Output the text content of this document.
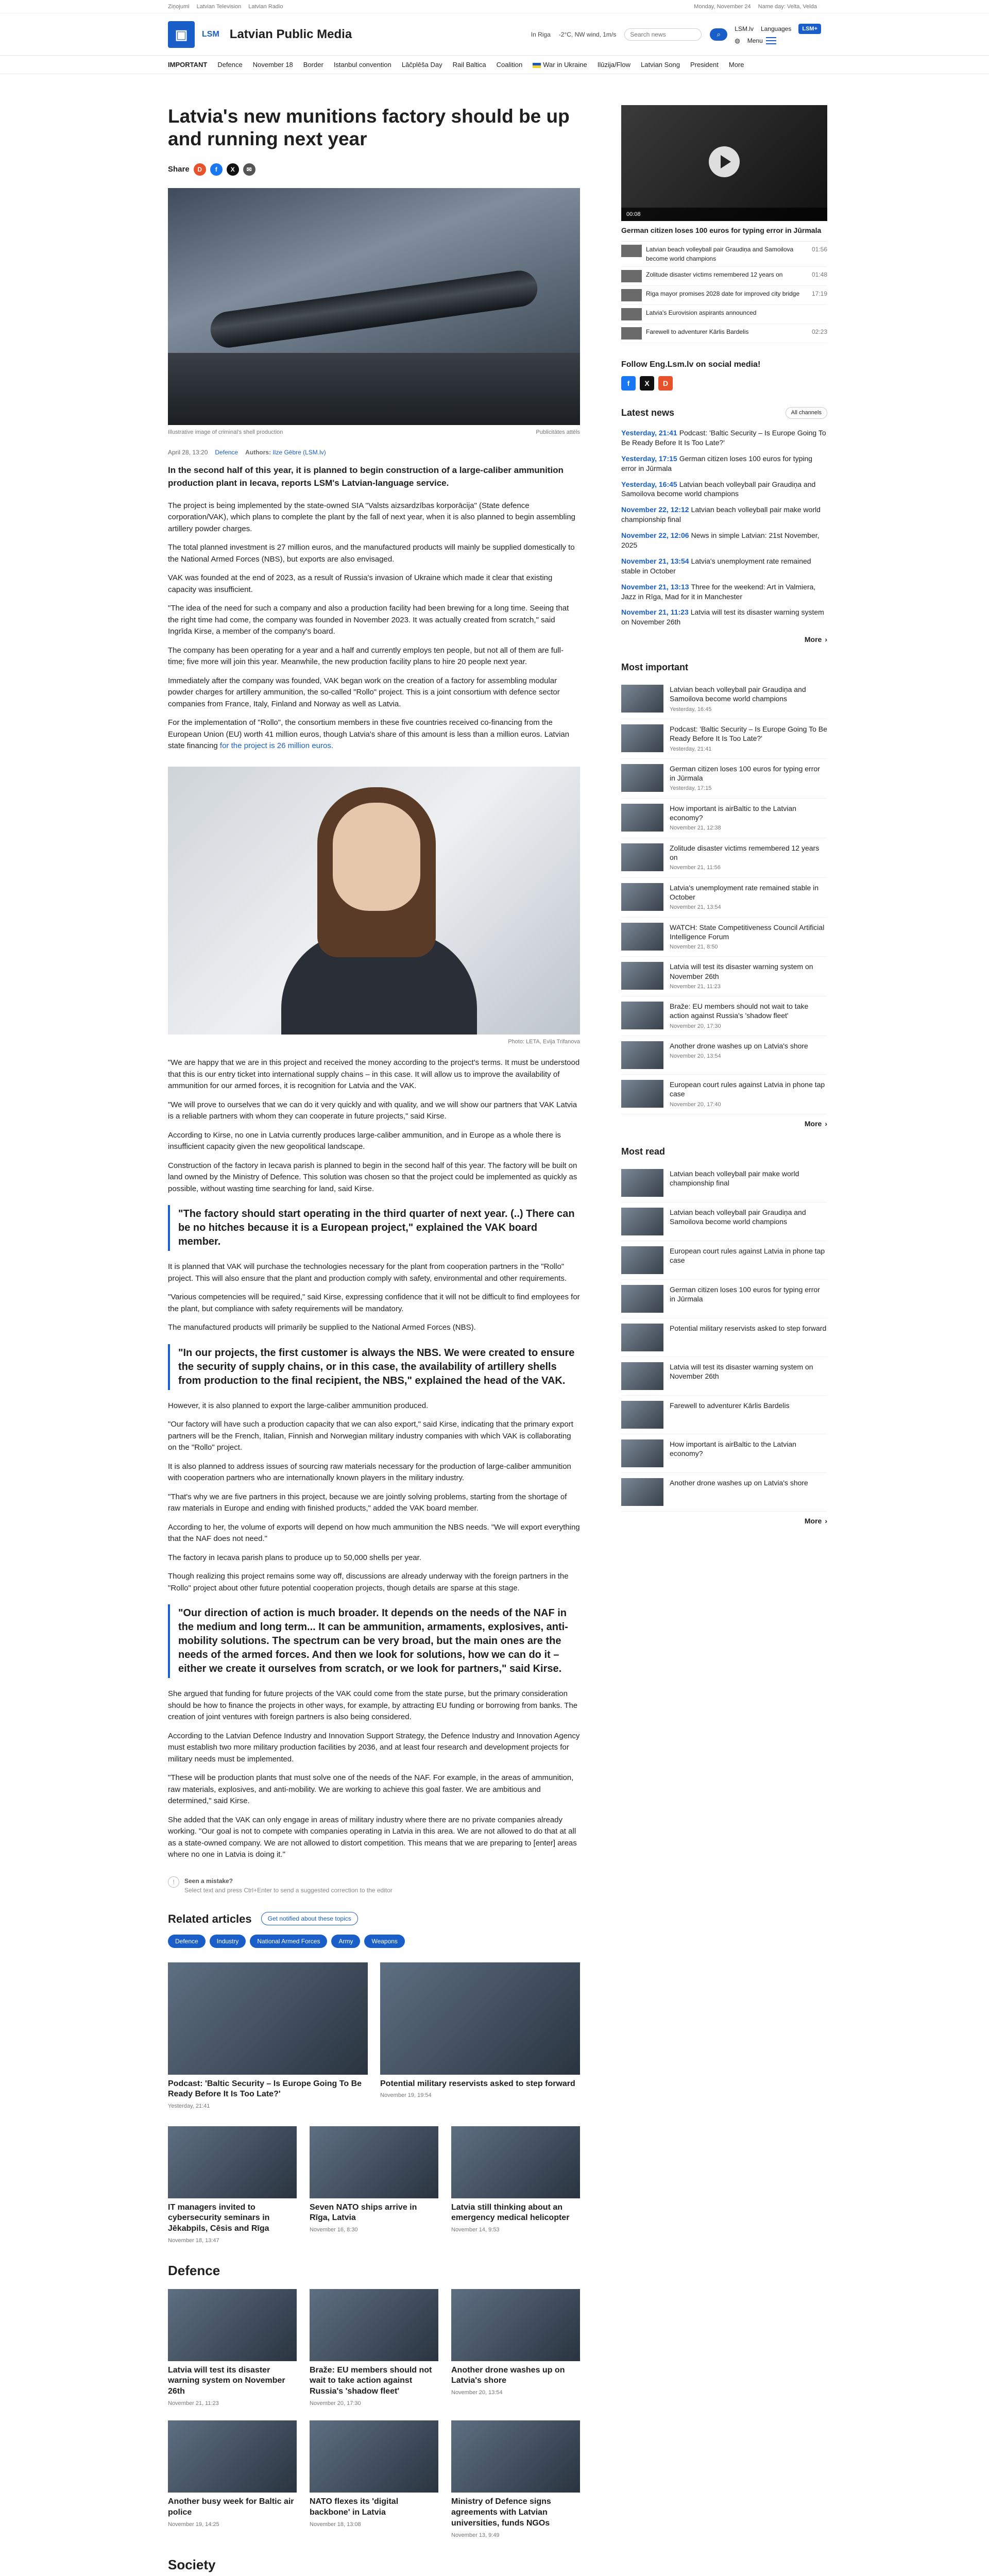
Ziņojumi Latvian Television Latvian Radio	Monday, November 24 Name day: Velta, Velda
▣	LSM Latvian Public Media	In Riga -2°C, NW wind, 1m/s
Search news	⌕
LSM.lv Languages	LSM+
◍ Menu
IMPORTANT Defence November 18 Border Istanbul convention Lāčplēša Day Rail Baltica Coalition	War in Ukraine Ilūzija/Flow Latvian Song President More
Latvia's new munitions factory should be up and running next year
Share	D	f	X	✉
Illustrative image of criminal's shell production	Publicitātes attēls
April 28, 13:20 Defence Authors: Ilze Gēbre (LSM.lv)

In the second half of this year, it is planned to begin construction of a large-caliber ammunition production plant in Iecava, reports LSM's Latvian-language service.

The project is being implemented by the state-owned SIA "Valsts aizsardzības korporācija" (State defence corporation/VAK), which plans to complete the plant by the fall of next year, when it is also planned to begin assembling artillery powder charges.

The total planned investment is 27 million euros, and the manufactured products will mainly be supplied domestically to the National Armed Forces (NBS), but exports are also envisaged.

VAK was founded at the end of 2023, as a result of Russia's invasion of Ukraine which made it clear that existing capacity was insufficient.

"The idea of the need for such a company and also a production facility had been brewing for a long time. Seeing that the right time had come, the company was founded in November 2023. It was actually created from scratch," said Ingrīda Kirse, a member of the company's board.

The company has been operating for a year and a half and currently employs ten people, but not all of them are full-time; five more will join this year. Meanwhile, the new production facility plans to hire 20 people next year.

Immediately after the company was founded, VAK began work on the creation of a factory for assembling modular powder charges for artillery ammunition, the so-called "Rollo" project. This is a joint consortium with defence sector companies from France, Italy, Finland and Norway as well as Latvia.

For the implementation of "Rollo", the consortium members in these five countries received co-financing from the European Union (EU) worth 41 million euros, though Latvia's share of this amount is less than a million euros. Latvian state financing for the project is 26 million euros.

Photo: LETA, Evija Trifanova

"We are happy that we are in this project and received the money according to the project's terms. It must be understood that this is our entry ticket into international supply chains – in this case. It will allow us to improve the availability of ammunition for our armed forces, it is recognition for Latvia and the VAK.

"We will prove to ourselves that we can do it very quickly and with quality, and we will show our partners that VAK Latvia is a reliable partners with whom they can cooperate in future projects," said Kirse.

According to Kirse, no one in Latvia currently produces large-caliber ammunition, and in Europe as a whole there is insufficient capacity given the new geopolitical landscape.

Construction of the factory in Iecava parish is planned to begin in the second half of this year. The factory will be built on land owned by the Ministry of Defence. This solution was chosen so that the project could be implemented as quickly as possible, without wasting time searching for land, said Kirse.

"The factory should start operating in the third quarter of next year. (..) There can be no hitches because it is a European project," explained the VAK board member.

It is planned that VAK will purchase the technologies necessary for the plant from cooperation partners in the "Rollo" project. This will also ensure that the plant and production comply with safety, environmental and other requirements.

"Various competencies will be required," said Kirse, expressing confidence that it will not be difficult to find employees for the plant, but compliance with safety requirements will be mandatory.

The manufactured products will primarily be supplied to the National Armed Forces (NBS).

"In our projects, the first customer is always the NBS. We were created to ensure the security of supply chains, or in this case, the availability of artillery shells from production to the final recipient, the NBS," explained the head of the VAK.

However, it is also planned to export the large-caliber ammunition produced.

"Our factory will have such a production capacity that we can also export," said Kirse, indicating that the primary export partners will be the French, Italian, Finnish and Norwegian military industry companies with which VAK is collaborating on the "Rollo" project.

It is also planned to address issues of sourcing raw materials necessary for the production of large-caliber ammunition with cooperation partners who are internationally known players in the military industry.

"That's why we are five partners in this project, because we are jointly solving problems, starting from the shortage of raw materials in Europe and ending with finished products," added the VAK board member.

According to her, the volume of exports will depend on how much ammunition the NBS needs. "We will export everything that the NAF does not need."

The factory in Iecava parish plans to produce up to 50,000 shells per year.

Though realizing this project remains some way off, discussions are already underway with the foreign partners in the "Rollo" project about other future potential cooperation projects, though details are sparse at this stage.

"Our direction of action is much broader. It depends on the needs of the NAF in the medium and long term... It can be ammunition, armaments, explosives, anti-mobility solutions. The spectrum can be very broad, but the main ones are the needs of the armed forces. And then we look for solutions, how we can do it – either we create it ourselves from scratch, or we look for partners," said Kirse.

She argued that funding for future projects of the VAK could come from the state purse, but the primary consideration should be how to finance the projects in other ways, for example, by attracting EU funding or borrowing from banks. The creation of joint ventures with foreign partners is also being considered.

According to the Latvian Defence Industry and Innovation Support Strategy, the Defence Industry and Innovation Agency must establish two more military production facilities by 2036, and at least four research and development projects for military needs must be implemented.

"These will be production plants that must solve one of the needs of the NAF. For example, in the areas of ammunition, raw materials, explosives, and anti-mobility. We are working to achieve this goal faster. We are ambitious and determined," said Kirse.

She added that the VAK can only engage in areas of military industry where there are no private companies already working. "Our goal is not to compete with companies operating in Latvia in this area. We are not allowed to do that at all as a state-owned company. We are not allowed to distort competition. This means that we are preparing to [enter] areas where no one in Latvia is doing it."

!	Seen a mistake?
Select text and press Ctrl+Enter to send a suggested correction to the editor
Related articles	Get notified about these topics
Defence	Industry	National Armed Forces	Army	Weapons
Podcast: 'Baltic Security – Is Europe Going To Be Ready Before It Is Too Late?'
Yesterday, 21:41
Potential military reservists asked to step forward
November 19, 19:54
IT managers invited to cybersecurity seminars in Jēkabpils, Cēsis and Rīga
November 18, 13:47
Seven NATO ships arrive in Rīga, Latvia
November 16, 8:30
Latvia still thinking about an emergency medical helicopter
November 14, 9:53
Defence
Latvia will test its disaster warning system on November 26th
November 21, 11:23
Braže: EU members should not wait to take action against Russia's 'shadow fleet'
November 20, 17:30
Another drone washes up on Latvia's shore
November 20, 13:54
Another busy week for Baltic air police
November 19, 14:25
NATO flexes its 'digital backbone' in Latvia
November 18, 13:08
Ministry of Defence signs agreements with Latvian universities, funds NGOs
November 13, 9:49
Society
00:08
German citizen loses 100 euros for typing error in Jūrmala
Latvian beach volleyball pair Graudiņa and Samoilova become world champions
01:56
Zolitude disaster victims remembered 12 years on	01:48
Riga mayor promises 2028 date for improved city bridge	17:19
Latvia's Eurovision aspirants announced
Farewell to adventurer Kārlis Bardelis	02:23
Follow Eng.Lsm.lv on social media!
f	X	D
Latest news	All channels
Yesterday, 21:41 Podcast: 'Baltic Security – Is Europe Going To Be Ready Before It Is Too Late?'
Yesterday, 17:15 German citizen loses 100 euros for typing error in Jūrmala
Yesterday, 16:45 Latvian beach volleyball pair Graudiņa and Samoilova become world champions
November 22, 12:12 Latvian beach volleyball pair make world championship final
November 22, 12:06 News in simple Latvian: 21st November, 2025
November 21, 13:54 Latvia's unemployment rate remained stable in October
November 21, 13:13 Three for the weekend: Art in Valmiera, Jazz in Rīga, Mad for it in Manchester
November 21, 11:23 Latvia will test its disaster warning system on November 26th
More ›
Most important
Latvian beach volleyball pair Graudiņa and Samoilova become world champions
Yesterday, 16:45
Podcast: 'Baltic Security – Is Europe Going To Be Ready Before It Is Too Late?'
Yesterday, 21:41
German citizen loses 100 euros for typing error in Jūrmala
Yesterday, 17:15
How important is airBaltic to the Latvian economy?
November 21, 12:38
Zolitude disaster victims remembered 12 years on
November 21, 11:56
Latvia's unemployment rate remained stable in October
November 21, 13:54
WATCH: State Competitiveness Council Artificial Intelligence Forum
November 21, 8:50
Latvia will test its disaster warning system on November 26th
November 21, 11:23
Braže: EU members should not wait to take action against Russia's 'shadow fleet'
November 20, 17:30
Another drone washes up on Latvia's shore
November 20, 13:54
European court rules against Latvia in phone tap case
November 20, 17:40
More ›
Most read
Latvian beach volleyball pair make world championship final
Latvian beach volleyball pair Graudiņa and Samoilova become world champions
European court rules against Latvia in phone tap case
German citizen loses 100 euros for typing error in Jūrmala
Potential military reservists asked to step forward
Latvia will test its disaster warning system on November 26th
Farewell to adventurer Kārlis Bardelis
How important is airBaltic to the Latvian economy?
Another drone washes up on Latvia's shore
More ›
